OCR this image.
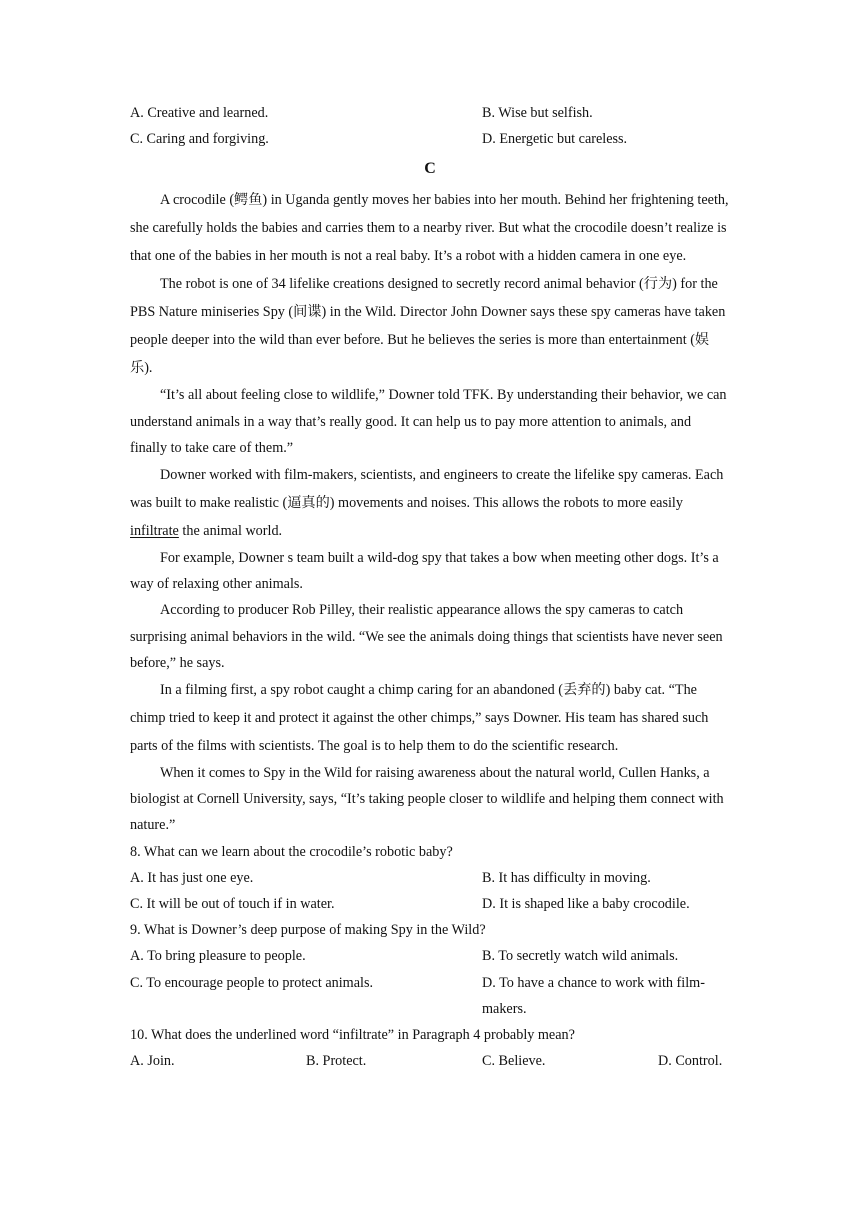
A. Creative and learned.	B. Wise but selfish.
C. Caring and forgiving.	D. Energetic but careless.
C

A crocodile (鳄鱼) in Uganda gently moves her babies into her mouth. Behind her frightening teeth, she carefully holds the babies and carries them to a nearby river. But what the crocodile doesn’t realize is that one of the babies in her mouth is not a real baby. It’s a robot with a hidden camera in one eye.

The robot is one of 34 lifelike creations designed to secretly record animal behavior (行为) for the PBS Nature miniseries Spy (间谍) in the Wild. Director John Downer says these spy cameras have taken people deeper into the wild than ever before. But he believes the series is more than entertainment (娱乐).

“It’s all about feeling close to wildlife,” Downer told TFK. By understanding their behavior, we can understand animals in a way that’s really good. It can help us to pay more attention to animals, and finally to take care of them.”

Downer worked with film-makers, scientists, and engineers to create the lifelike spy cameras. Each was built to make realistic (逼真的) movements and noises. This allows the robots to more easily infiltrate the animal world.

For example, Downer s team built a wild-dog spy that takes a bow when meeting other dogs. It’s a way of relaxing other animals.

According to producer Rob Pilley, their realistic appearance allows the spy cameras to catch surprising animal behaviors in the wild. “We see the animals doing things that scientists have never seen before,” he says.

In a filming first, a spy robot caught a chimp caring for an abandoned (丢弃的) baby cat. “The chimp tried to keep it and protect it against the other chimps,” says Downer. His team has shared such parts of the films with scientists. The goal is to help them to do the scientific research.

When it comes to Spy in the Wild for raising awareness about the natural world, Cullen Hanks, a biologist at Cornell University, says, “It’s taking people closer to wildlife and helping them connect with nature.”

8. What can we learn about the crocodile’s robotic baby?

A. It has just one eye.	B. It has difficulty in moving.
C. It will be out of touch if in water.	D. It is shaped like a baby crocodile.

9. What is Downer’s deep purpose of making Spy in the Wild?

A. To bring pleasure to people.	B. To secretly watch wild animals.
C. To encourage people to protect animals.	D. To have a chance to work with film-makers.

10. What does the underlined word “infiltrate” in Paragraph 4 probably mean?

A. Join.	B. Protect.	C. Believe.	D. Control.
